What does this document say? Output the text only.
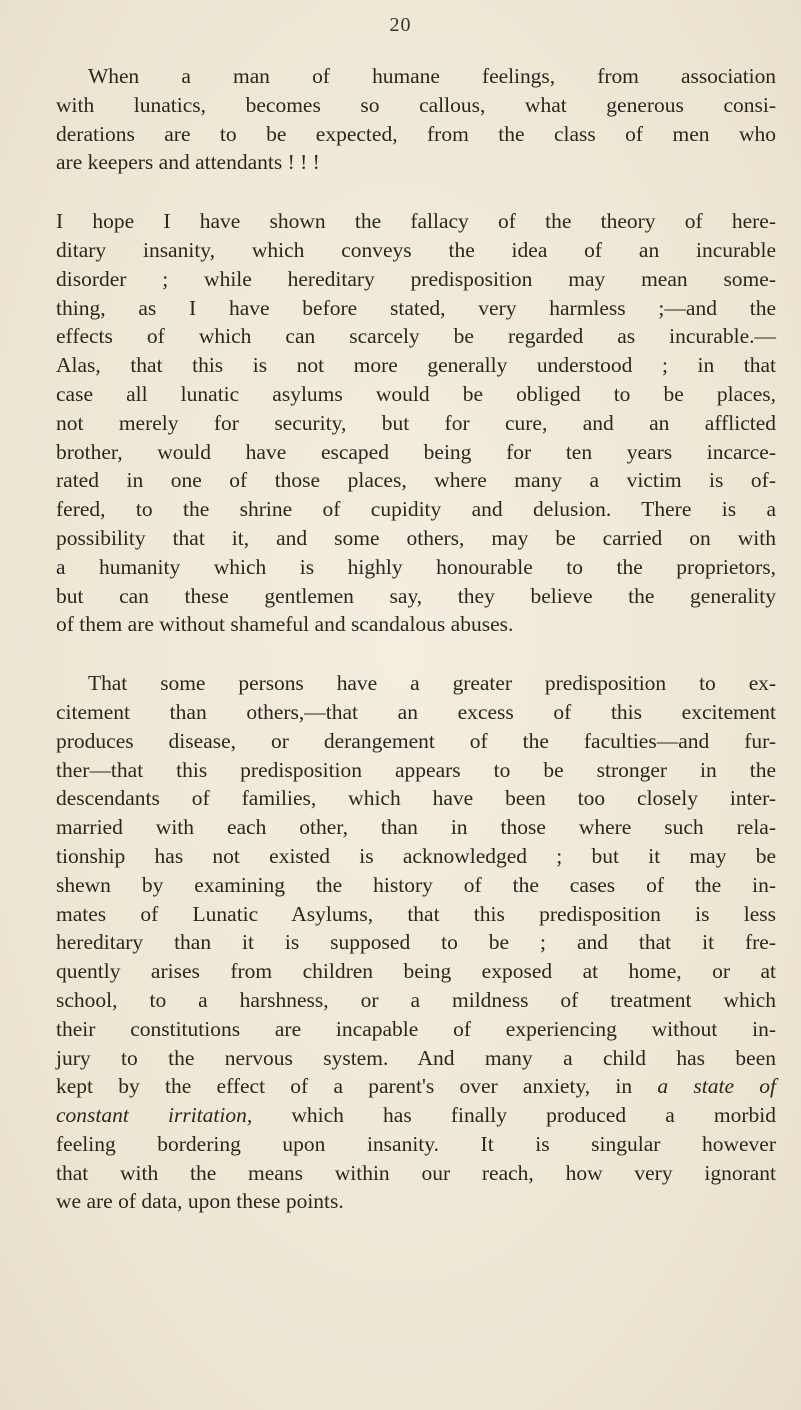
20
When a man of humane feelings, from association
with lunatics, becomes so callous, what generous consi-
derations are to be expected, from the class of men who
are keepers and attendants ! ! !
I hope I have shown the fallacy of the theory of here-
ditary insanity, which conveys the idea of an incurable
disorder ; while hereditary predisposition may mean some-
thing, as I have before stated, very harmless ;—and the
effects of which can scarcely be regarded as incurable.—
Alas, that this is not more generally understood ; in that
case all lunatic asylums would be obliged to be places,
not merely for security, but for cure, and an afflicted
brother, would have escaped being for ten years incarce-
rated in one of those places, where many a victim is of-
fered, to the shrine of cupidity and delusion. There is a
possibility that it, and some others, may be carried on with
a humanity which is highly honourable to the proprietors,
but can these gentlemen say, they believe the generality
of them are without shameful and scandalous abuses.
That some persons have a greater predisposition to ex-
citement than others,—that an excess of this excitement
produces disease, or derangement of the faculties—and fur-
ther—that this predisposition appears to be stronger in the
descendants of families, which have been too closely inter-
married with each other, than in those where such rela-
tionship has not existed is acknowledged ; but it may be
shewn by examining the history of the cases of the in-
mates of Lunatic Asylums, that this predisposition is less
hereditary than it is supposed to be ; and that it fre-
quently arises from children being exposed at home, or at
school, to a harshness, or a mildness of treatment which
their constitutions are incapable of experiencing without in-
jury to the nervous system. And many a child has been
kept by the effect of a parent's over anxiety, in a state of
constant irritation, which has finally produced a morbid
feeling bordering upon insanity. It is singular however
that with the means within our reach, how very ignorant
we are of data, upon these points.
